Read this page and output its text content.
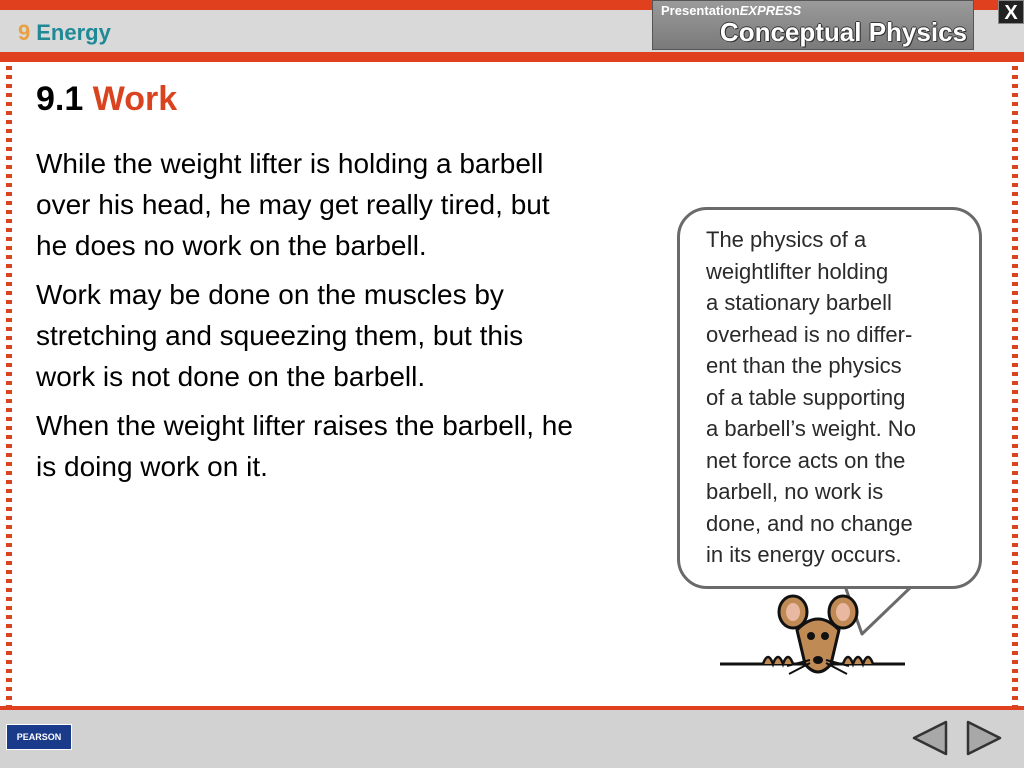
9 Energy
PresentationEXPRESS
Conceptual Physics
X
9.1 Work

While the weight lifter is holding a barbell over his head, he may get really tired, but he does no work on the barbell.

Work may be done on the muscles by stretching and squeezing them, but this work is not done on the barbell.

When the weight lifter raises the barbell, he is doing work on it.

The physics of a
weightlifter holding
a stationary barbell
overhead is no differ-
ent than the physics
of a table supporting
a barbell’s weight. No
net force acts on the
barbell, no work is
done, and no change
in its energy occurs.
PEARSON
